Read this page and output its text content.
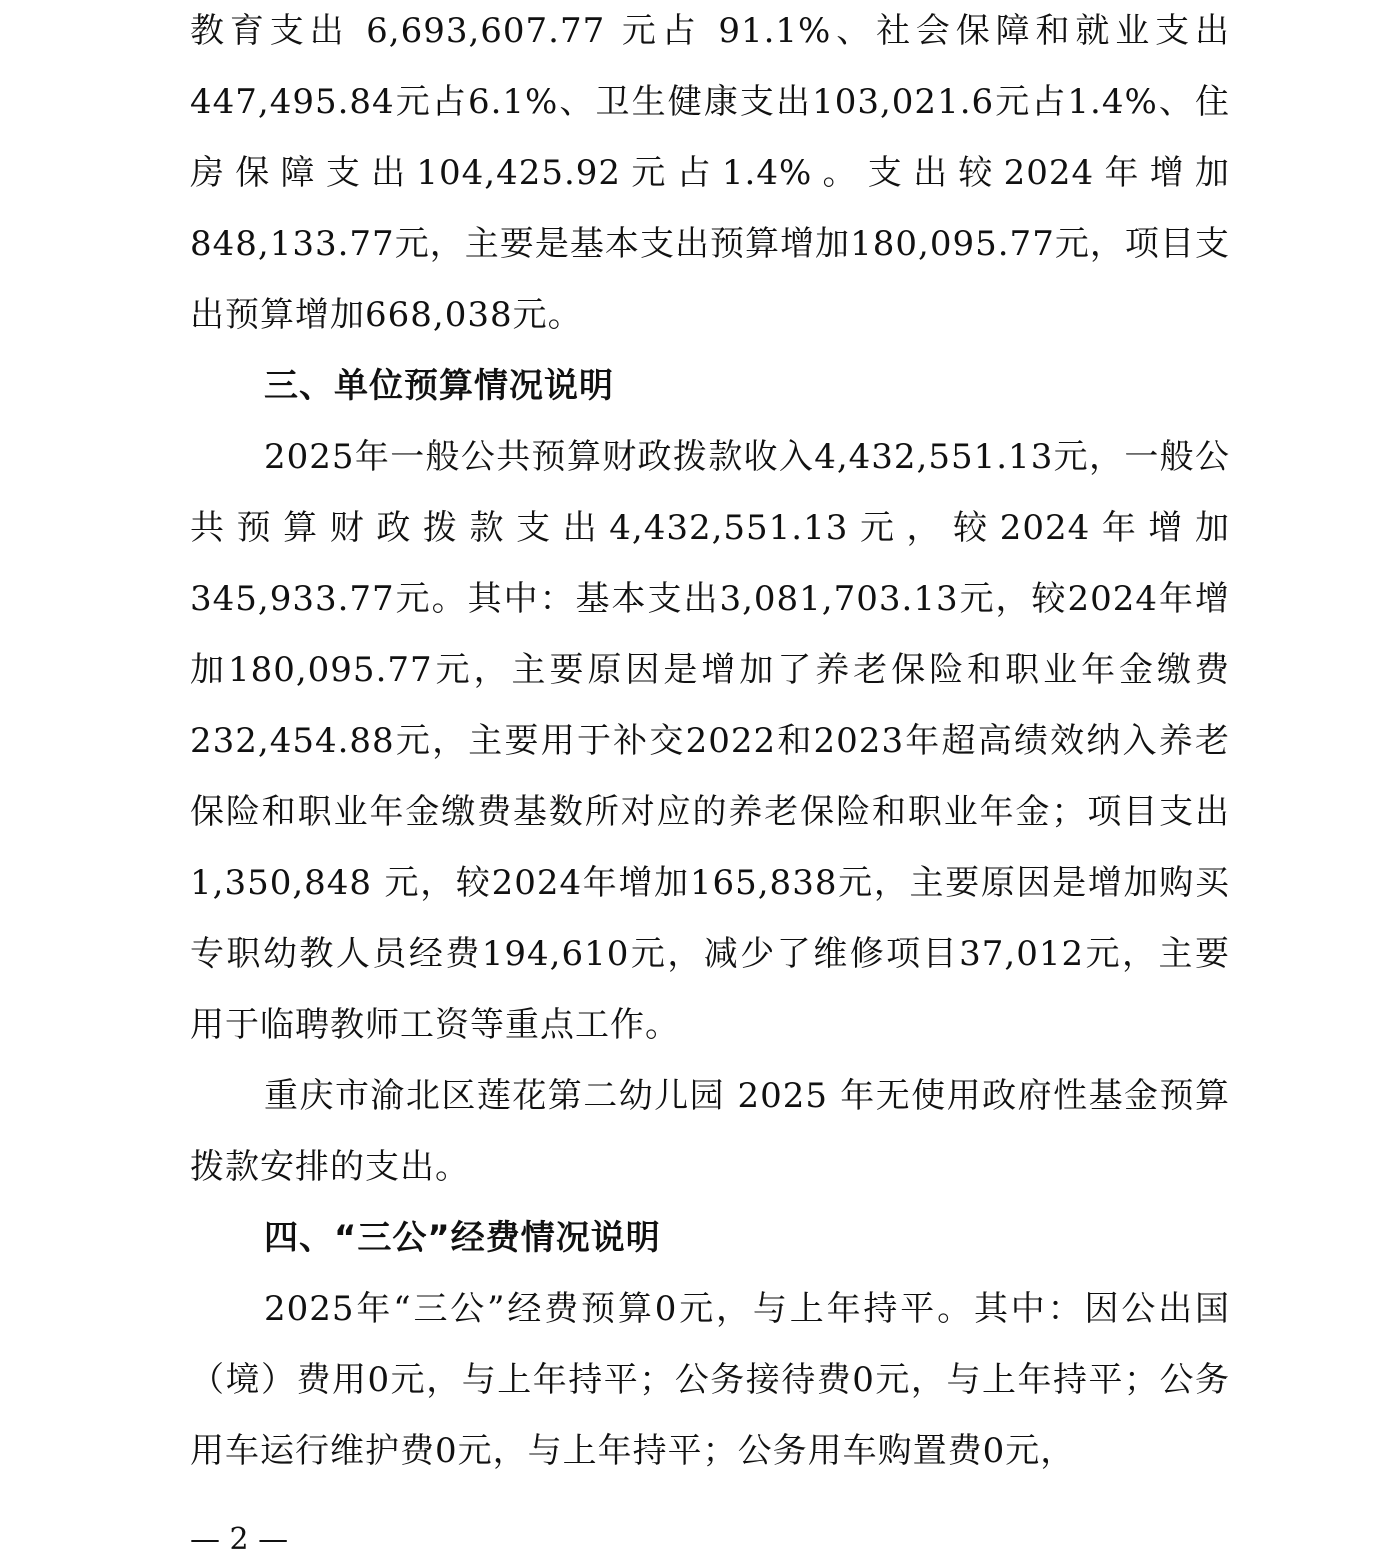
教育支出 6,693,607.77 元占 91.1%、社会保障和就业支出447,495.84元占6.1%、卫生健康支出103,021.6元占1.4%、住房保障支出104,425.92元占1.4%。支出较2024年增加848,133.77元，主要是基本支出预算增加180,095.77元，项目支出预算增加668,038元。

三、单位预算情况说明

2025年一般公共预算财政拨款收入4,432,551.13元，一般公共预算财政拨款支出4,432,551.13元，较2024年增加345,933.77元。其中：基本支出3,081,703.13元，较2024年增加180,095.77元，主要原因是增加了养老保险和职业年金缴费232,454.88元，主要用于补交2022和2023年超高绩效纳入养老保险和职业年金缴费基数所对应的养老保险和职业年金；项目支出 1,350,848 元，较2024年增加165,838元，主要原因是增加购买专职幼教人员经费194,610元，减少了维修项目37,012元，主要用于临聘教师工资等重点工作。

重庆市渝北区莲花第二幼儿园 2025 年无使用政府性基金预算拨款安排的支出。

四、“三公”经费情况说明

2025年“三公”经费预算0元，与上年持平。其中：因公出国（境）费用0元，与上年持平；公务接待费0元，与上年持平；公务用车运行维护费0元，与上年持平；公务用车购置费0元，

— 2 —
